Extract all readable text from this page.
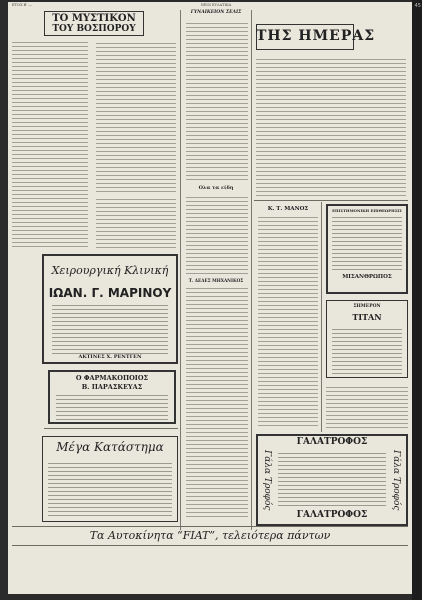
ΕΤΟΣ Β' —	ΝΕΟΙ ΕΥΛΑΤΙΚΑ
ΤΟ ΜΥΣΤΙΚΟΝ
ΤΟΥ ΒΟΣΠΟΡΟΥ
ΓΥΝΑΙΚΕΙΟΝ ΣΕΛΙΣ
ΤΗΣ ΗΜΕΡΑΣ
Χειρουργική Κλινική
ΙΩΑΝ. Γ. ΜΑΡΙΝΟΥ
ΑΚΤΙΝΕΣ Χ. ΡΕΝΤΓΕΝ
Ο ΦΑΡΜΑΚΟΠΟΙΟΣ
Β. ΠΑΡΑΣΚΕΥΑΣ
Μέγα Κατάστημα
Ολα τα είδη
Τ. ΔΕΔΕΣ ΜΗΧΑΝΙΚΟΣ
Κ. Τ. ΜΑΝΟΣ	ΕΠΙΣΤΗΜΟΝΙΚΗ ΕΠΙΘΕΩΡΗΣΙΣ
ΜΙΣΑΝΘΡΩΠΟΣ
ΣΗΜΕΡΟΝ
ΤΙΤΑΝ
ΓΑΛΑΤΡΟΦΟΣ
Γάλα Τροφός	Γάλα Τροφός
ΓΑΛΑΤΡΟΦΟΣ
Τα Αυτοκίνητα “FIAT”, τελειότερα πάντων
45
